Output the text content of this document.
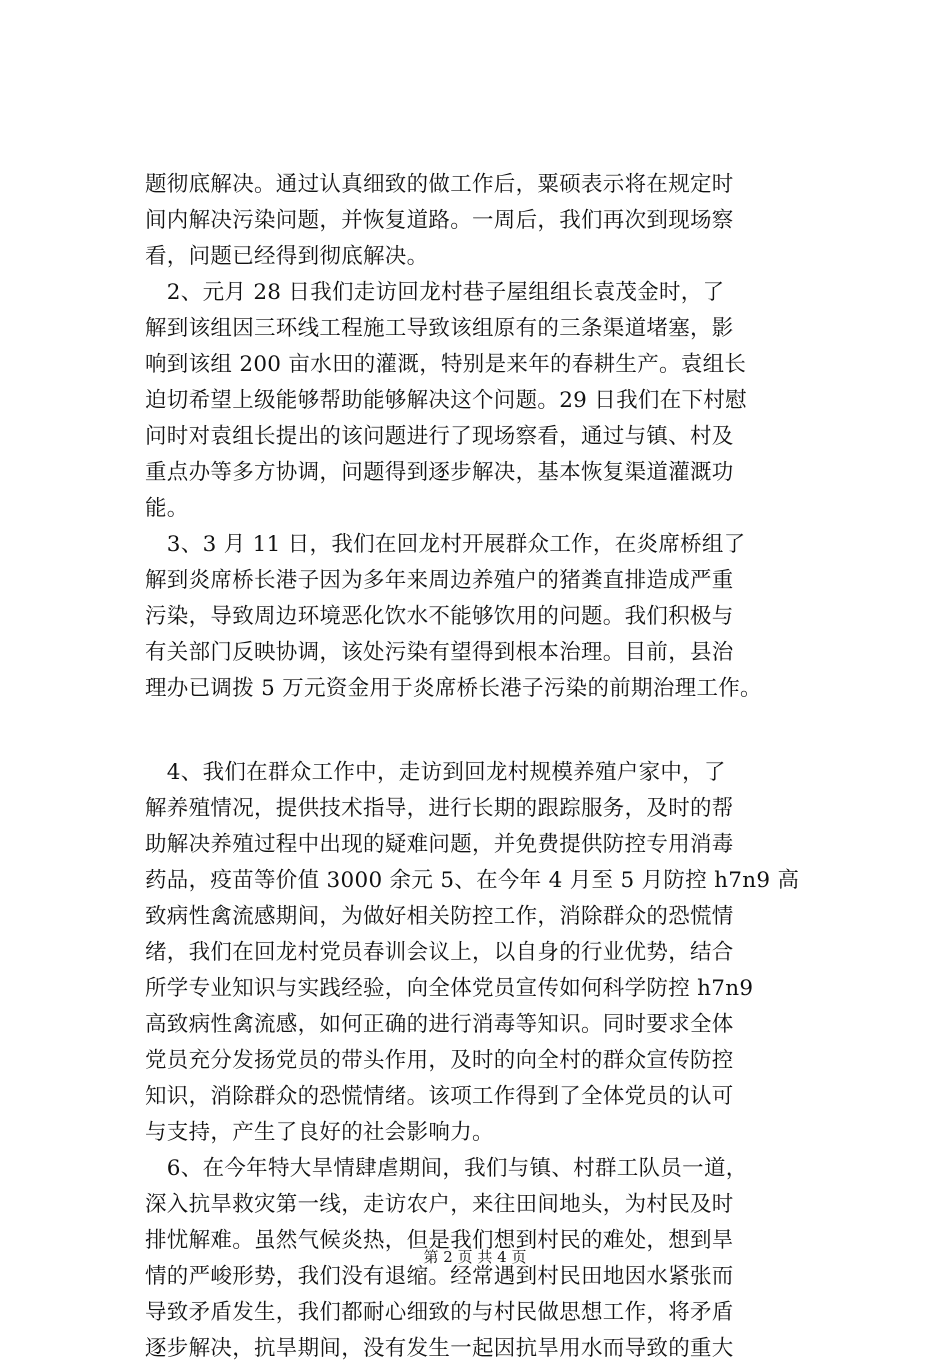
题彻底解决。通过认真细致的做工作后，粟硕表示将在规定时
间内解决污染问题，并恢复道路。一周后，我们再次到现场察
看，问题已经得到彻底解决。
　2、元月 28 日我们走访回龙村巷子屋组组长袁茂金时，了
解到该组因三环线工程施工导致该组原有的三条渠道堵塞，影
响到该组 200 亩水田的灌溉，特别是来年的春耕生产。袁组长
迫切希望上级能够帮助能够解决这个问题。29 日我们在下村慰
问时对袁组长提出的该问题进行了现场察看，通过与镇、村及
重点办等多方协调，问题得到逐步解决，基本恢复渠道灌溉功
能。
　3、3 月 11 日，我们在回龙村开展群众工作，在炎席桥组了
解到炎席桥长港子因为多年来周边养殖户的猪粪直排造成严重
污染，导致周边环境恶化饮水不能够饮用的问题。我们积极与
有关部门反映协调，该处污染有望得到根本治理。目前，县治
理办已调拨 5 万元资金用于炎席桥长港子污染的前期治理工作。
　4、我们在群众工作中，走访到回龙村规模养殖户家中，了
解养殖情况，提供技术指导，进行长期的跟踪服务，及时的帮
助解决养殖过程中出现的疑难问题，并免费提供防控专用消毒
药品，疫苗等价值 3000 余元 5、在今年 4 月至 5 月防控 h7n9 高
致病性禽流感期间，为做好相关防控工作，消除群众的恐慌情
绪，我们在回龙村党员春训会议上，以自身的行业优势，结合
所学专业知识与实践经验，向全体党员宣传如何科学防控 h7n9
高致病性禽流感，如何正确的进行消毒等知识。同时要求全体
党员充分发扬党员的带头作用，及时的向全村的群众宣传防控
知识，消除群众的恐慌情绪。该项工作得到了全体党员的认可
与支持，产生了良好的社会影响力。
　6、在今年特大旱情肆虐期间，我们与镇、村群工队员一道，
深入抗旱救灾第一线，走访农户，来往田间地头，为村民及时
排忧解难。虽然气候炎热，但是我们想到村民的难处，想到旱
情的严峻形势，我们没有退缩。经常遇到村民田地因水紧张而
导致矛盾发生，我们都耐心细致的与村民做思想工作，将矛盾
逐步解决，抗旱期间，没有发生一起因抗旱用水而导致的重大
第 2 页 共 4 页
